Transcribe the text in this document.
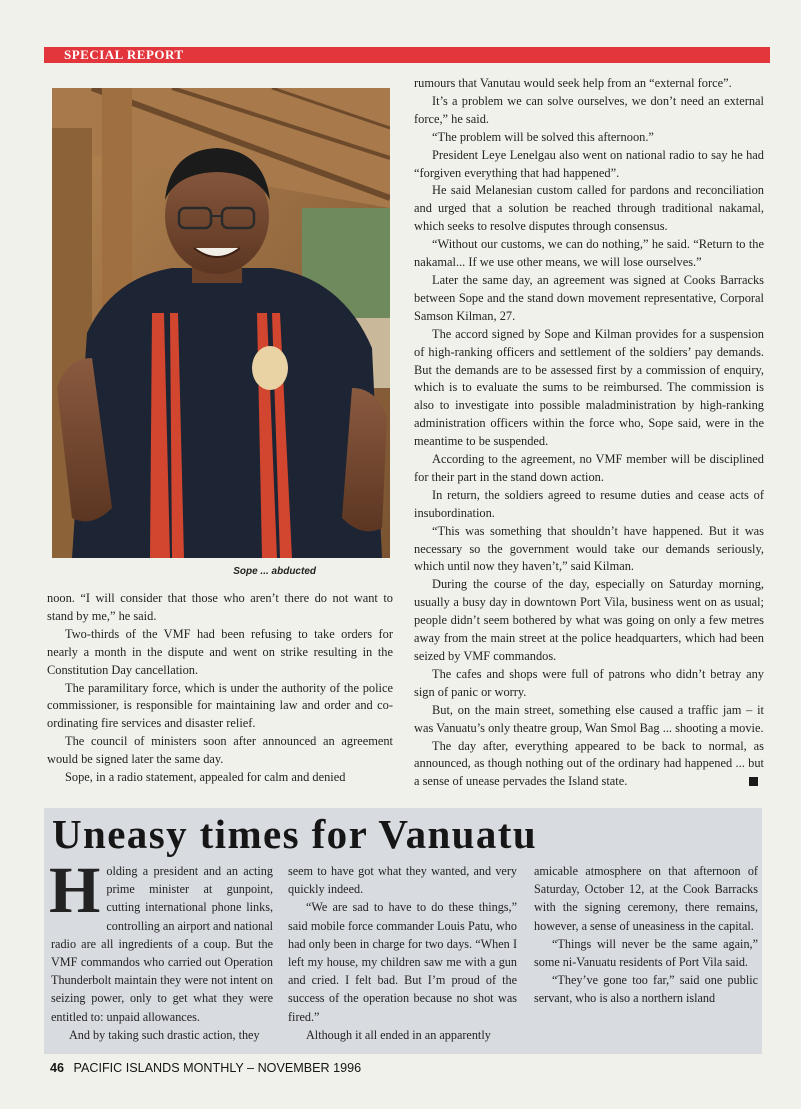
SPECIAL REPORT
Sope ... abducted

noon. “I will consider that those who aren’t there do not want to stand by me,” he said.

Two-thirds of the VMF had been refusing to take orders for nearly a month in the dispute and went on strike resulting in the Constitution Day cancellation.

The paramilitary force, which is under the authority of the police commissioner, is responsible for maintaining law and order and co-ordinating fire services and disaster relief.

The council of ministers soon after announced an agreement would be signed later the same day.

Sope, in a radio statement, appealed for calm and denied

rumours that Vanutau would seek help from an “external force”.

It’s a problem we can solve ourselves, we don’t need an external force,” he said.

“The problem will be solved this afternoon.”

President Leye Lenelgau also went on national radio to say he had “forgiven everything that had happened”.

He said Melanesian custom called for pardons and reconciliation and urged that a solution be reached through traditional nakamal, which seeks to resolve disputes through consensus.

“Without our customs, we can do nothing,” he said. “Return to the nakamal... If we use other means, we will lose ourselves.”

Later the same day, an agreement was signed at Cooks Barracks between Sope and the stand down movement representative, Corporal Samson Kilman, 27.

The accord signed by Sope and Kilman provides for a suspension of high-ranking officers and settlement of the soldiers’ pay demands. But the demands are to be assessed first by a commission of enquiry, which is to evaluate the sums to be reimbursed. The commission is also to investigate into possible maladministration by high-ranking administration officers within the force who, Sope said, were in the meantime to be suspended.

According to the agreement, no VMF member will be disciplined for their part in the stand down action.

In return, the soldiers agreed to resume duties and cease acts of insubordination.

“This was something that shouldn’t have happened. But it was necessary so the government would take our demands seriously, which until now they haven’t,” said Kilman.

During the course of the day, especially on Saturday morning, usually a busy day in downtown Port Vila, business went on as usual; people didn’t seem bothered by what was going on only a few metres away from the main street at the police headquarters, which had been seized by VMF commandos.

The cafes and shops were full of patrons who didn’t betray any sign of panic or worry.

But, on the main street, something else caused a traffic jam – it was Vanuatu’s only theatre group, Wan Smol Bag ... shooting a movie.

The day after, everything appeared to be back to normal, as announced, as though nothing out of the ordinary had happened ... but a sense of unease pervades the Island state.

Uneasy times for Vanuatu
H olding a president and an acting prime minister at gunpoint, cutting international phone links, controlling an airport and national radio are all ingredients of a coup. But the VMF commandos who carried out Operation Thunderbolt maintain they were not intent on seizing power, only to get what they were entitled to: unpaid allowances.

And by taking such drastic action, they

seem to have got what they wanted, and very quickly indeed.

“We are sad to have to do these things,” said mobile force commander Louis Patu, who had only been in charge for two days. “When I left my house, my children saw me with a gun and cried. I felt bad. But I’m proud of the success of the operation because no shot was fired.”

Although it all ended in an apparently

amicable atmosphere on that afternoon of Saturday, October 12, at the Cook Barracks with the signing ceremony, there remains, however, a sense of uneasiness in the capital.

“Things will never be the same again,” some ni-Vanuatu residents of Port Vila said.

“They’ve gone too far,” said one public servant, who is also a northern island

46 PACIFIC ISLANDS MONTHLY – NOVEMBER 1996
